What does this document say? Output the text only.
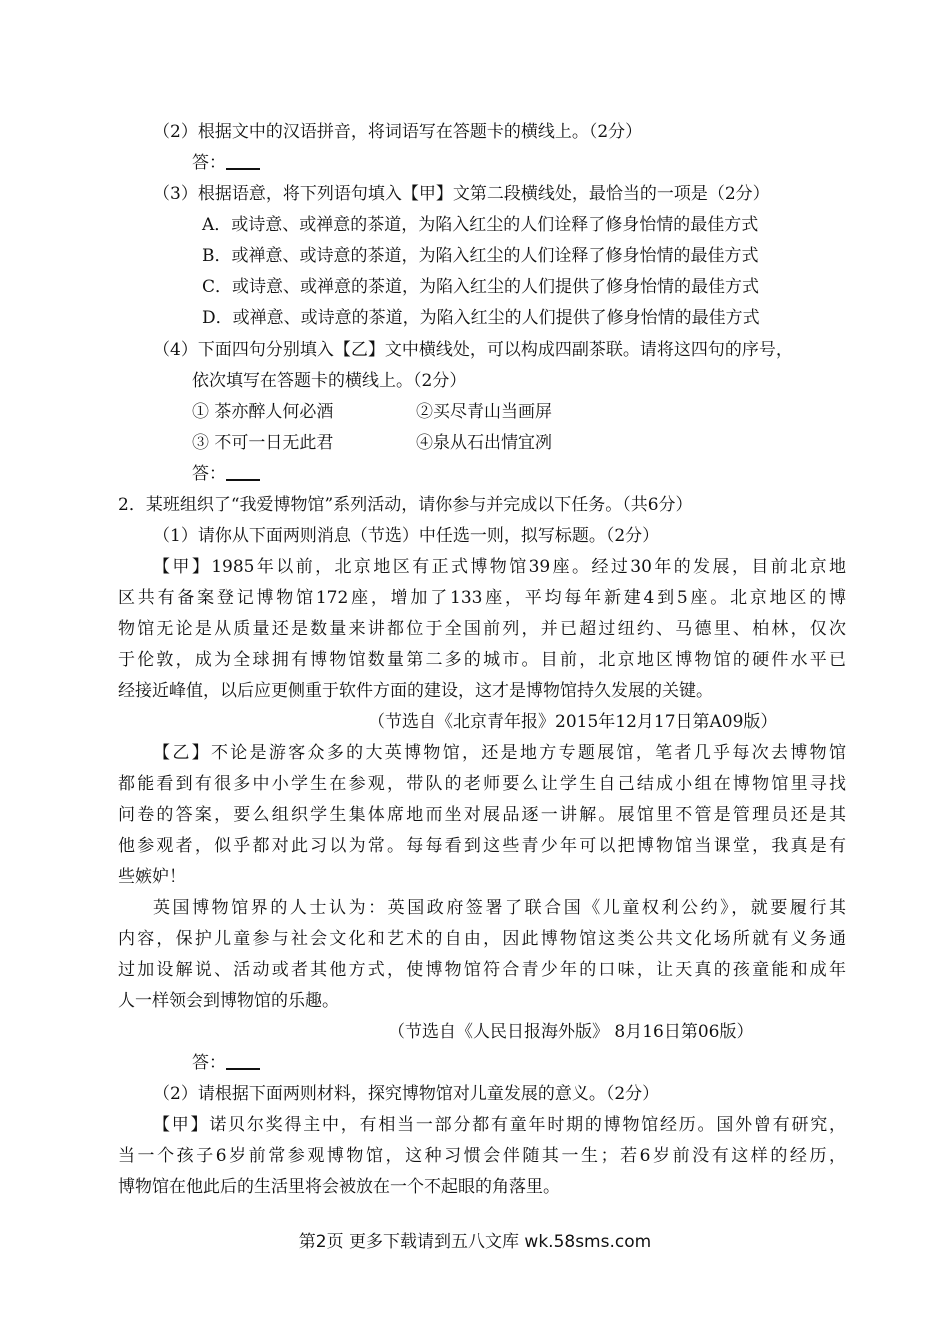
（2）根据文中的汉语拼音，将词语写在答题卡的横线上。（2分）
答：
（3）根据语意，将下列语句填入【甲】文第二段横线处，最恰当的一项是（2分）
A．或诗意、或禅意的茶道，为陷入红尘的人们诠释了修身怡情的最佳方式
B．或禅意、或诗意的茶道，为陷入红尘的人们诠释了修身怡情的最佳方式
C．或诗意、或禅意的茶道，为陷入红尘的人们提供了修身怡情的最佳方式
D．或禅意、或诗意的茶道，为陷入红尘的人们提供了修身怡情的最佳方式
（4）下面四句分别填入【乙】文中横线处，可以构成四副茶联。请将这四句的序号，
依次填写在答题卡的横线上。（2分）
① 茶亦醉人何必酒	②买尽青山当画屏
③ 不可一日无此君	④泉从石出情宜冽
答：
2．某班组织了“我爱博物馆”系列活动，请你参与并完成以下任务。（共6分）
（1）请你从下面两则消息（节选）中任选一则，拟写标题。（2分）
【甲】1985年以前，北京地区有正式博物馆39座。经过30年的发展，目前北京地
区共有备案登记博物馆172座，增加了133座，平均每年新建4到5座。北京地区的博
物馆无论是从质量还是数量来讲都位于全国前列，并已超过纽约、马德里、柏林，仅次
于伦敦，成为全球拥有博物馆数量第二多的城市。目前，北京地区博物馆的硬件水平已
经接近峰值，以后应更侧重于软件方面的建设，这才是博物馆持久发展的关键。
（节选自《北京青年报》2015年12月17日第A09版）
【乙】不论是游客众多的大英博物馆，还是地方专题展馆，笔者几乎每次去博物馆
都能看到有很多中小学生在参观，带队的老师要么让学生自己结成小组在博物馆里寻找
问卷的答案，要么组织学生集体席地而坐对展品逐一讲解。展馆里不管是管理员还是其
他参观者，似乎都对此习以为常。每每看到这些青少年可以把博物馆当课堂，我真是有
些嫉妒！
英国博物馆界的人士认为：英国政府签署了联合国《儿童权利公约》，就要履行其
内容，保护儿童参与社会文化和艺术的自由，因此博物馆这类公共文化场所就有义务通
过加设解说、活动或者其他方式，使博物馆符合青少年的口味，让天真的孩童能和成年
人一样领会到博物馆的乐趣。
（节选自《人民日报海外版》 8月16日第06版）
答：
（2）请根据下面两则材料，探究博物馆对儿童发展的意义。（2分）
【甲】诺贝尔奖得主中，有相当一部分都有童年时期的博物馆经历。国外曾有研究，
当一个孩子6岁前常参观博物馆，这种习惯会伴随其一生；若6岁前没有这样的经历，
博物馆在他此后的生活里将会被放在一个不起眼的角落里。
第2页 更多下载请到五八文库 wk.58sms.com
